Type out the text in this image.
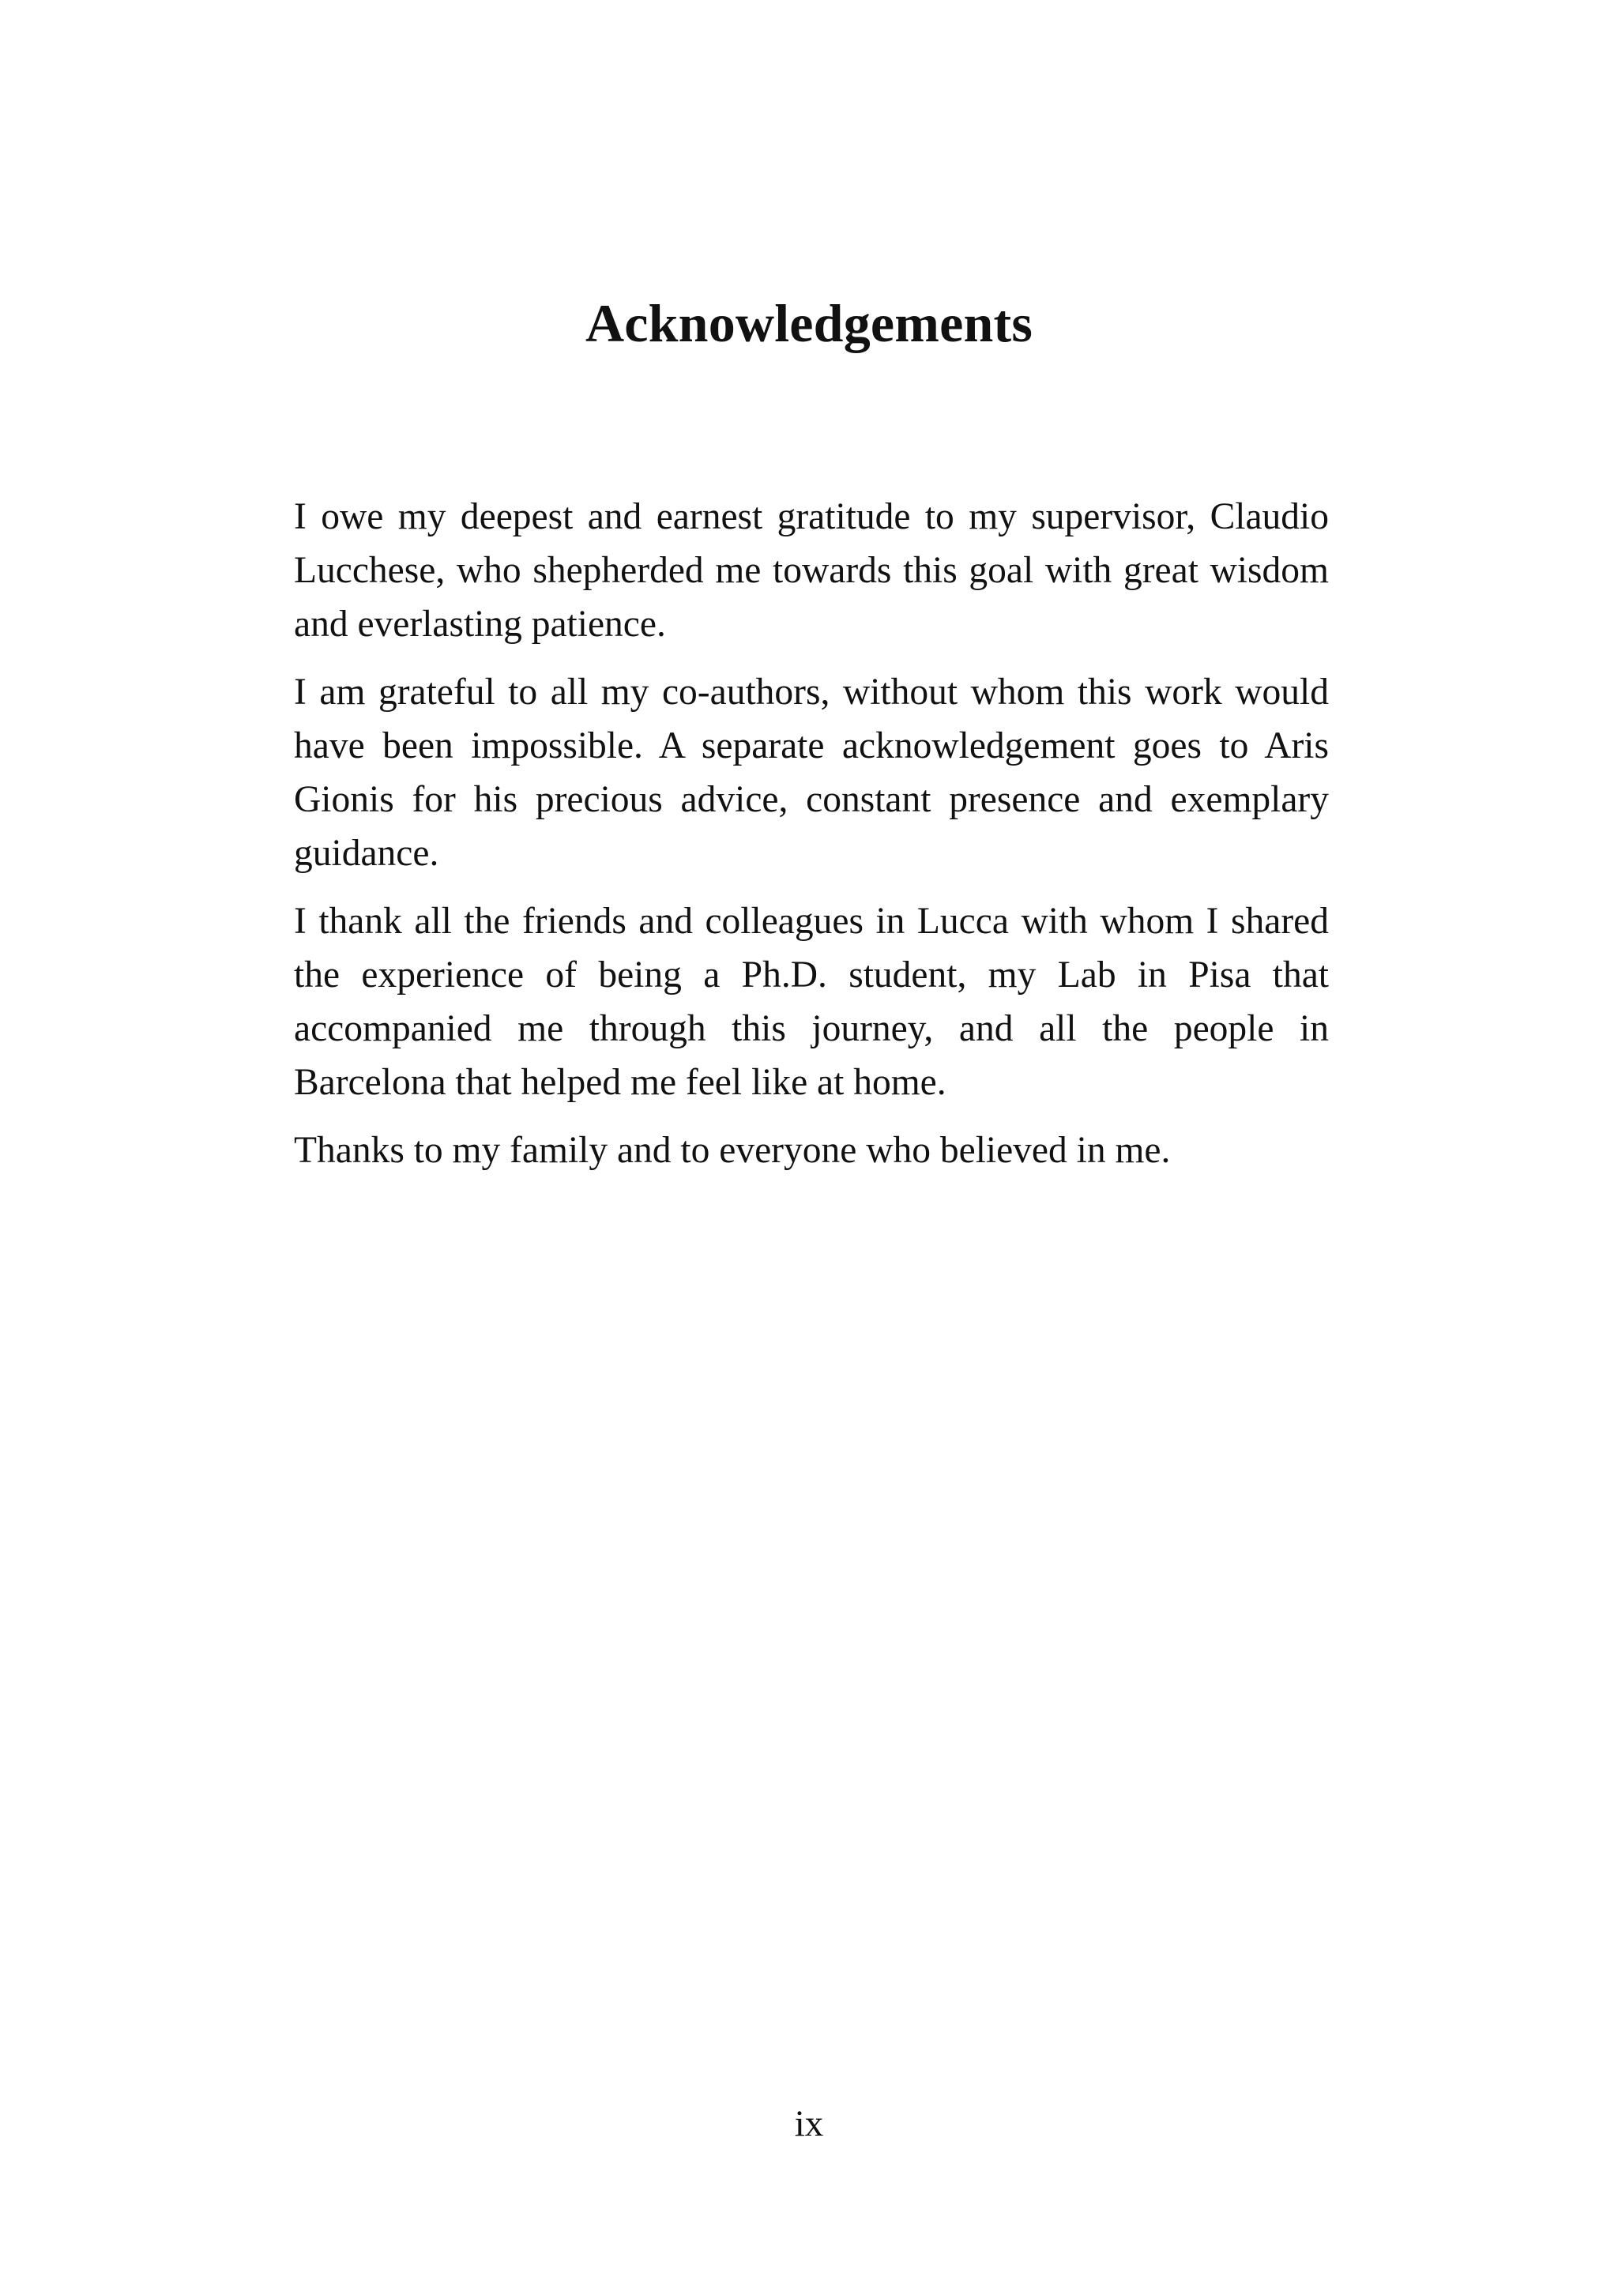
Acknowledgements

I owe my deepest and earnest gratitude to my supervisor, Claudio Lucchese, who shepherded me towards this goal with great wisdom and everlasting patience.

I am grateful to all my co-authors, without whom this work would have been impossible. A separate acknowledgement goes to Aris Gionis for his precious advice, constant presence and exemplary guidance.

I thank all the friends and colleagues in Lucca with whom I shared the experience of being a Ph.D. student, my Lab in Pisa that accompanied me through this journey, and all the people in Barcelona that helped me feel like at home.

Thanks to my family and to everyone who believed in me.

ix
